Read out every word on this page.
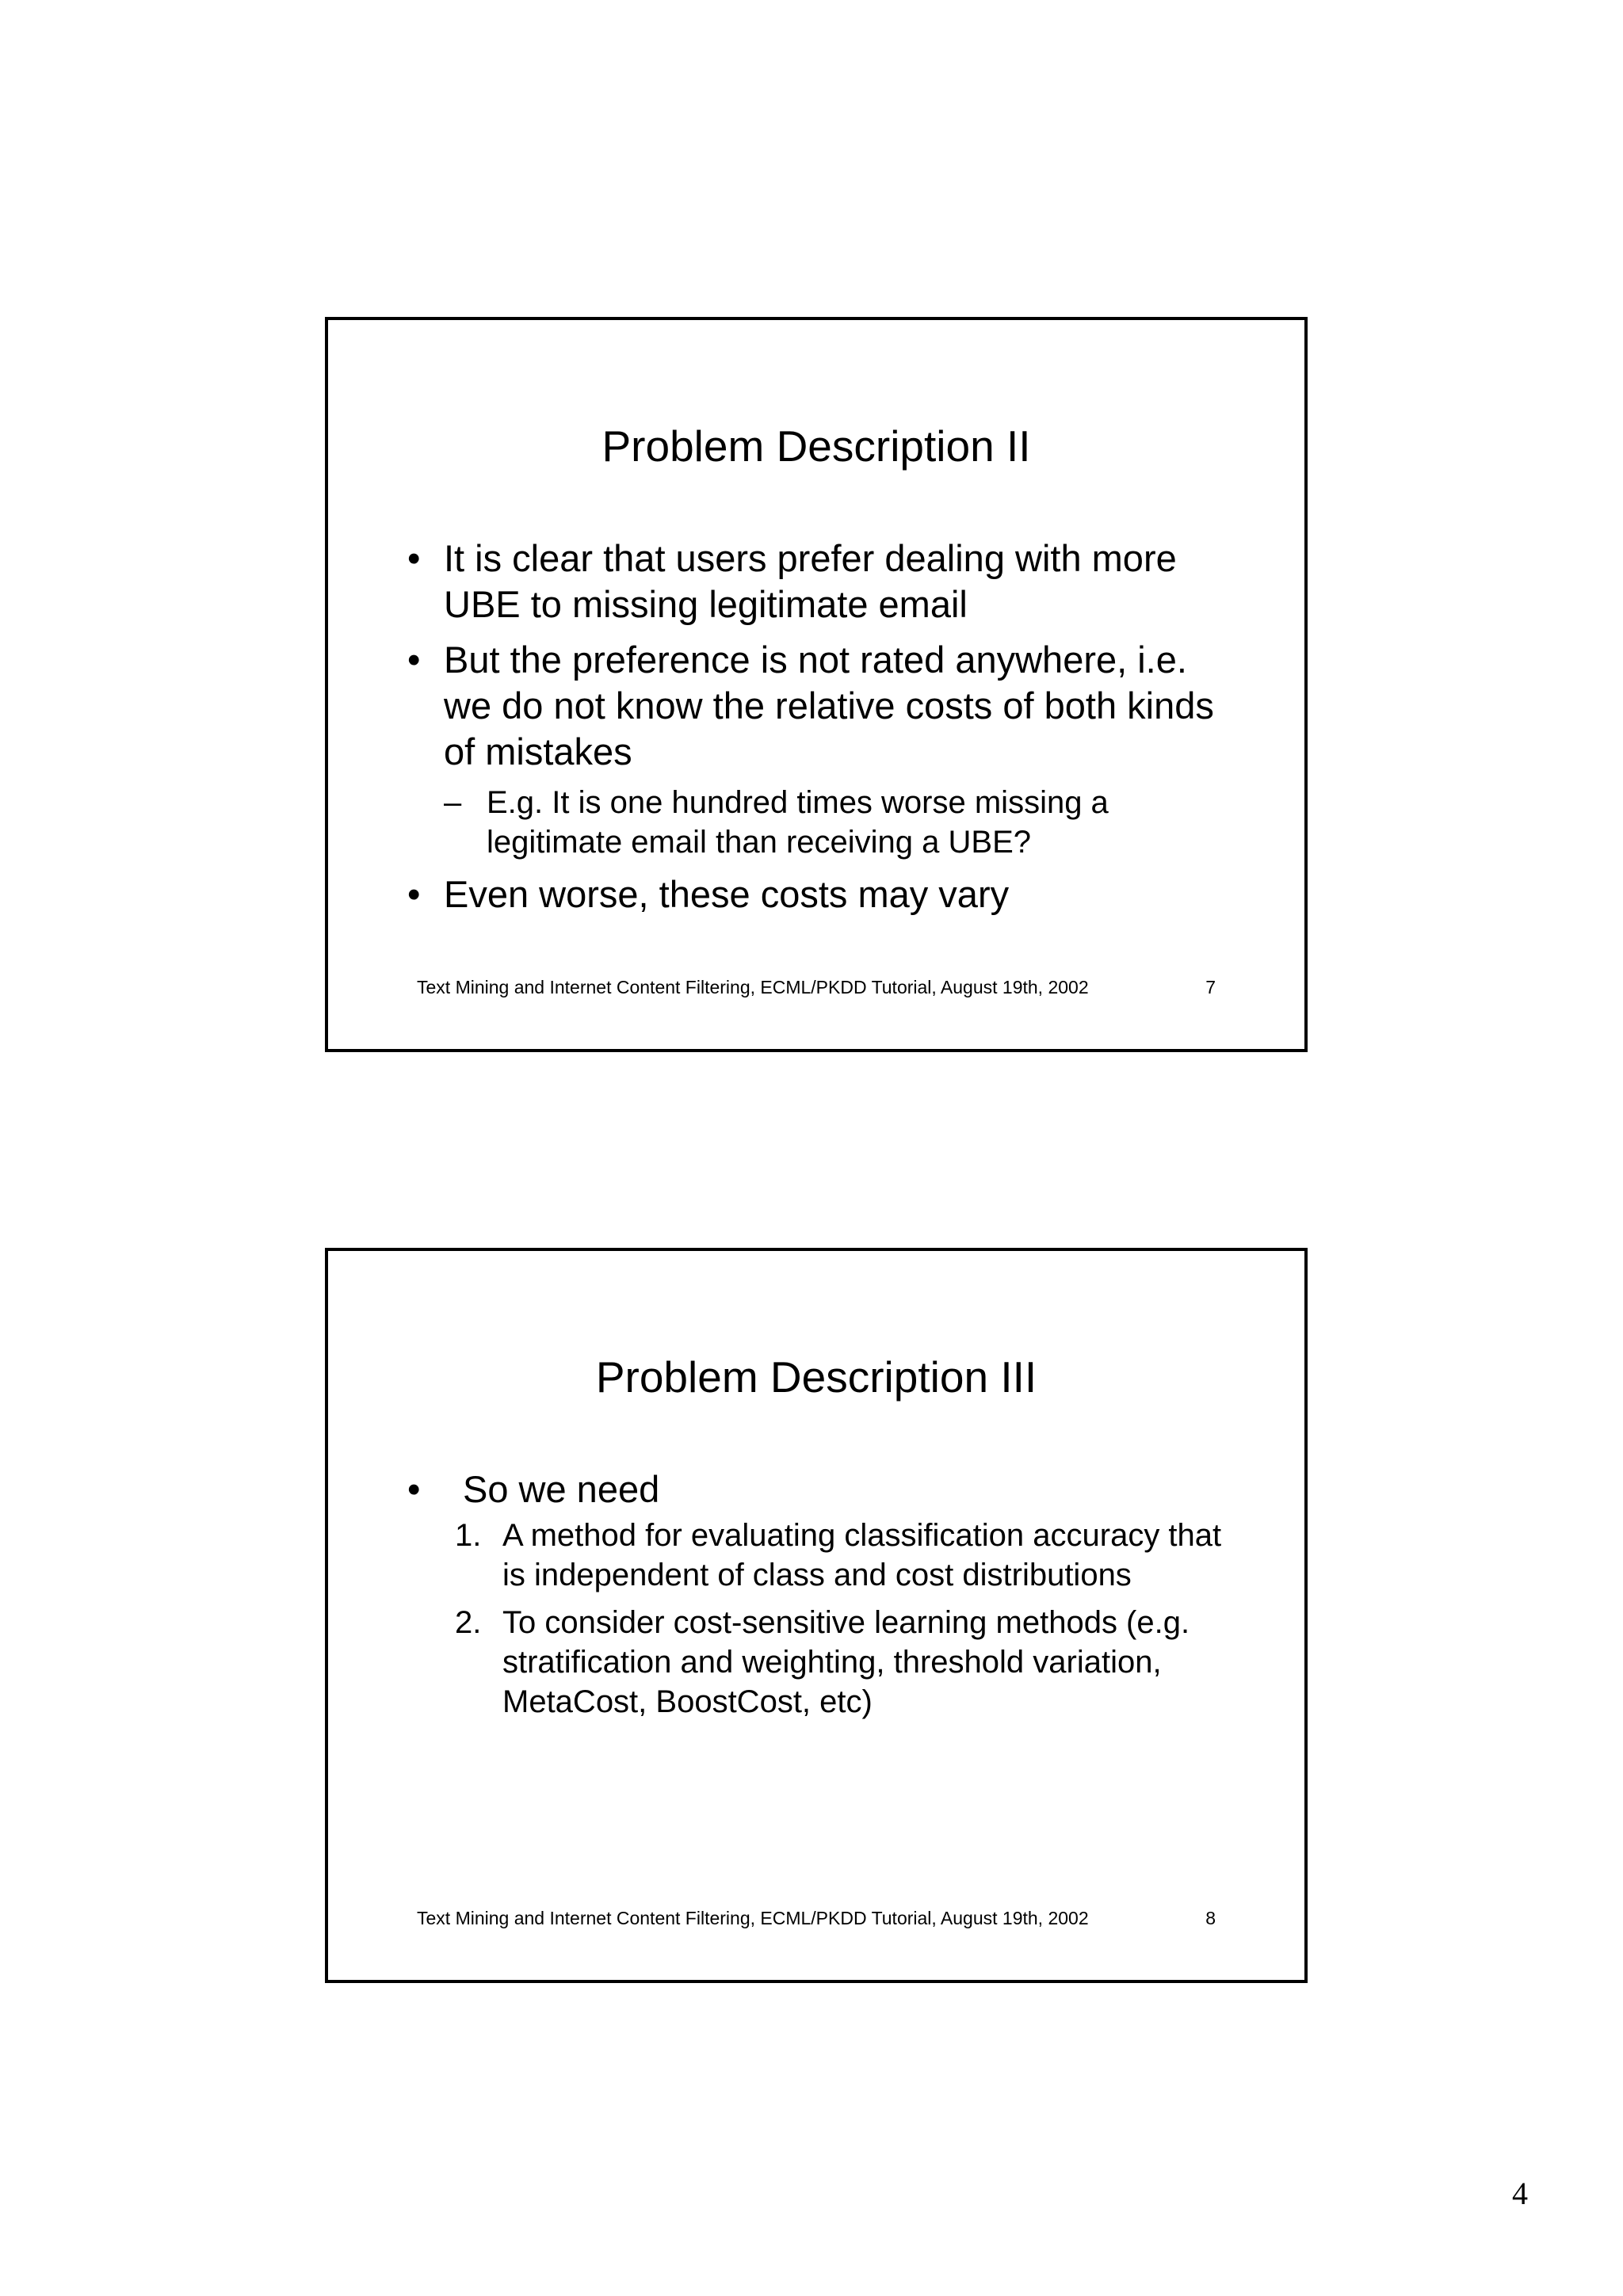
Problem Description II
• It is clear that users prefer dealing with more UBE to missing legitimate email
• But the preference is not rated anywhere, i.e. we do not know the relative costs of both kinds of mistakes
– E.g. It is one hundred times worse missing a legitimate email than receiving a UBE?
• Even worse, these costs may vary
Text Mining and Internet Content Filtering, ECML/PKDD Tutorial, August 19th, 2002	7
Problem Description III
• So we need
1. A method for evaluating classification accuracy that is independent of class and cost distributions
2. To consider cost-sensitive learning methods (e.g. stratification and weighting, threshold variation, MetaCost, BoostCost, etc)
Text Mining and Internet Content Filtering, ECML/PKDD Tutorial, August 19th, 2002	8
4
